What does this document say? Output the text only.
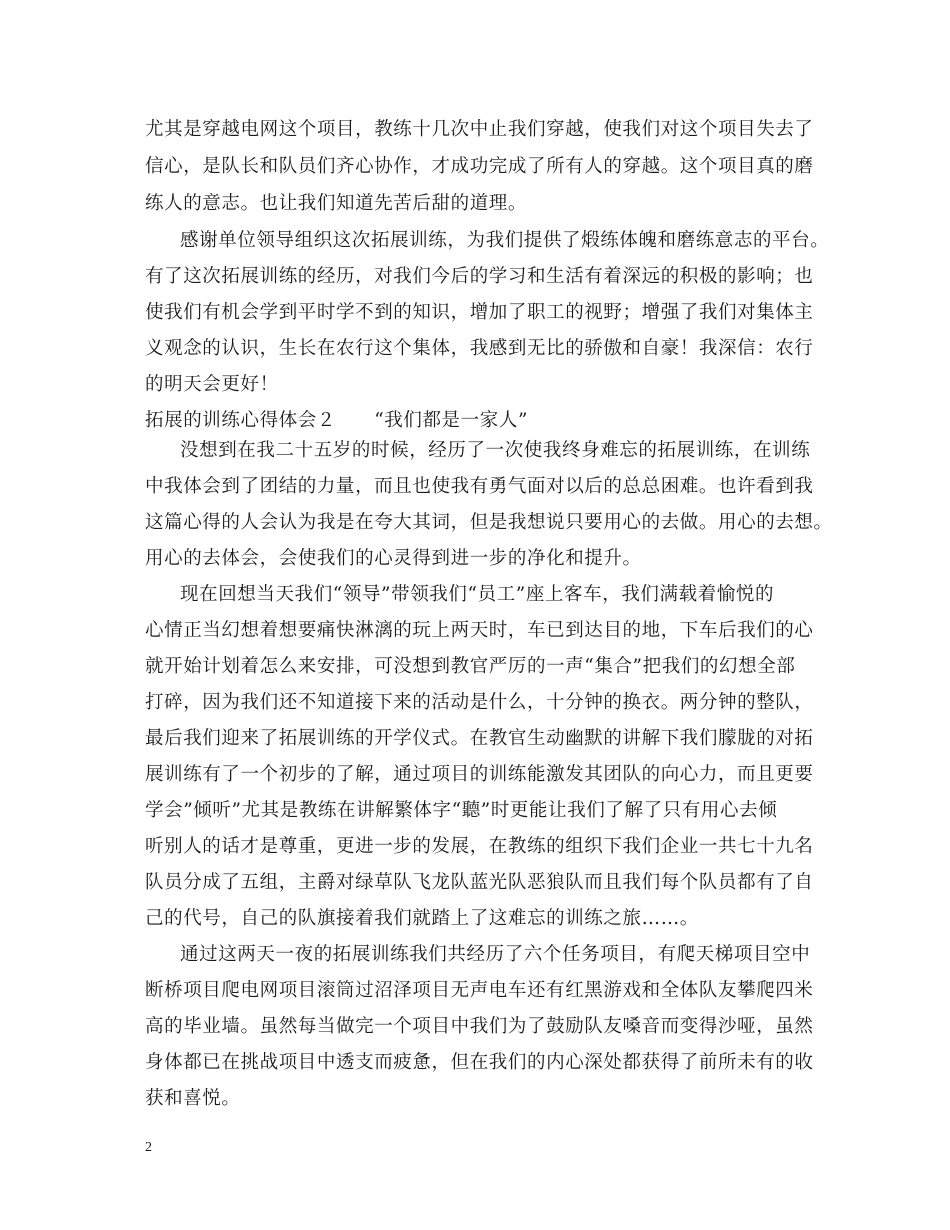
尤其是穿越电网这个项目，教练十几次中止我们穿越，使我们对这个项目失去了
信心，是队长和队员们齐心协作，才成功完成了所有人的穿越。这个项目真的磨
练人的意志。也让我们知道先苦后甜的道理。
感谢单位领导组织这次拓展训练，为我们提供了煅练体魄和磨练意志的平台。
有了这次拓展训练的经历，对我们今后的学习和生活有着深远的积极的影响；也
使我们有机会学到平时学不到的知识，增加了职工的视野；增强了我们对集体主
义观念的认识，生长在农行这个集体，我感到无比的骄傲和自豪！我深信：农行
的明天会更好！
拓展的训练心得体会２　　“我们都是一家人”
没想到在我二十五岁的时候，经历了一次使我终身难忘的拓展训练，在训练
中我体会到了团结的力量，而且也使我有勇气面对以后的总总困难。也许看到我
这篇心得的人会认为我是在夸大其词，但是我想说只要用心的去做。用心的去想。
用心的去体会，会使我们的心灵得到进一步的净化和提升。
现在回想当天我们“领导”带领我们“员工”座上客车，我们满载着愉悦的
心情正当幻想着想要痛快淋漓的玩上两天时，车已到达目的地，下车后我们的心
就开始计划着怎么来安排，可没想到教官严厉的一声“集合”把我们的幻想全部
打碎，因为我们还不知道接下来的活动是什么，十分钟的换衣。两分钟的整队，
最后我们迎来了拓展训练的开学仪式。在教官生动幽默的讲解下我们朦胧的对拓
展训练有了一个初步的了解，通过项目的训练能激发其团队的向心力，而且更要
学会”倾听”尤其是教练在讲解繁体字“聽”时更能让我们了解了只有用心去倾
听别人的话才是尊重，更进一步的发展，在教练的组织下我们企业一共七十九名
队员分成了五组，主爵对绿草队飞龙队蓝光队恶狼队而且我们每个队员都有了自
己的代号，自己的队旗接着我们就踏上了这难忘的训练之旅……。
通过这两天一夜的拓展训练我们共经历了六个任务项目，有爬天梯项目空中
断桥项目爬电网项目滚筒过沼泽项目无声电车还有红黑游戏和全体队友攀爬四米
高的毕业墙。虽然每当做完一个项目中我们为了鼓励队友嗓音而变得沙哑，虽然
身体都已在挑战项目中透支而疲惫，但在我们的内心深处都获得了前所未有的收
获和喜悦。
2
